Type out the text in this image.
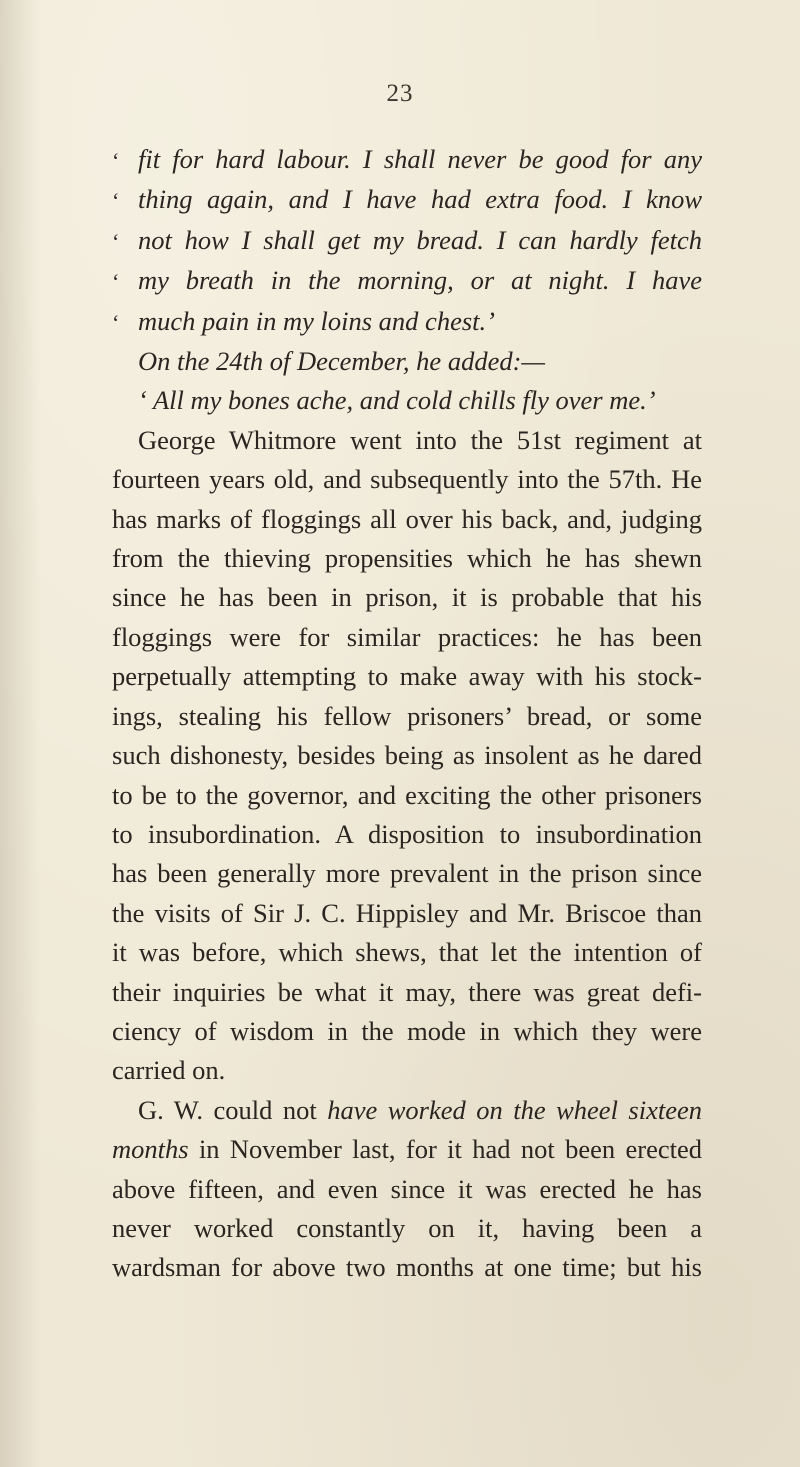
23
‘ fit for hard labour. I shall never be good for any
‘ thing again, and I have had extra food. I know
‘ not how I shall get my bread. I can hardly fetch
‘ my breath in the morning, or at night. I have
‘ much pain in my loins and chest.’
On the 24th of December, he added:—
‘ All my bones ache, and cold chills fly over me.’
George Whitmore went into the 51st regiment at
fourteen years old, and subsequently into the 57th. He
has marks of floggings all over his back, and, judging
from the thieving propensities which he has shewn
since he has been in prison, it is probable that his
floggings were for similar practices: he has been
perpetually attempting to make away with his stock-
ings, stealing his fellow prisoners’ bread, or some
such dishonesty, besides being as insolent as he dared
to be to the governor, and exciting the other prisoners
to insubordination. A disposition to insubordination
has been generally more prevalent in the prison since
the visits of Sir J. C. Hippisley and Mr. Briscoe than
it was before, which shews, that let the intention of
their inquiries be what it may, there was great defi-
ciency of wisdom in the mode in which they were
carried on.
G. W. could not have worked on the wheel sixteen
months in November last, for it had not been erected
above fifteen, and even since it was erected he has
never worked constantly on it, having been a
wardsman for above two months at one time; but his
